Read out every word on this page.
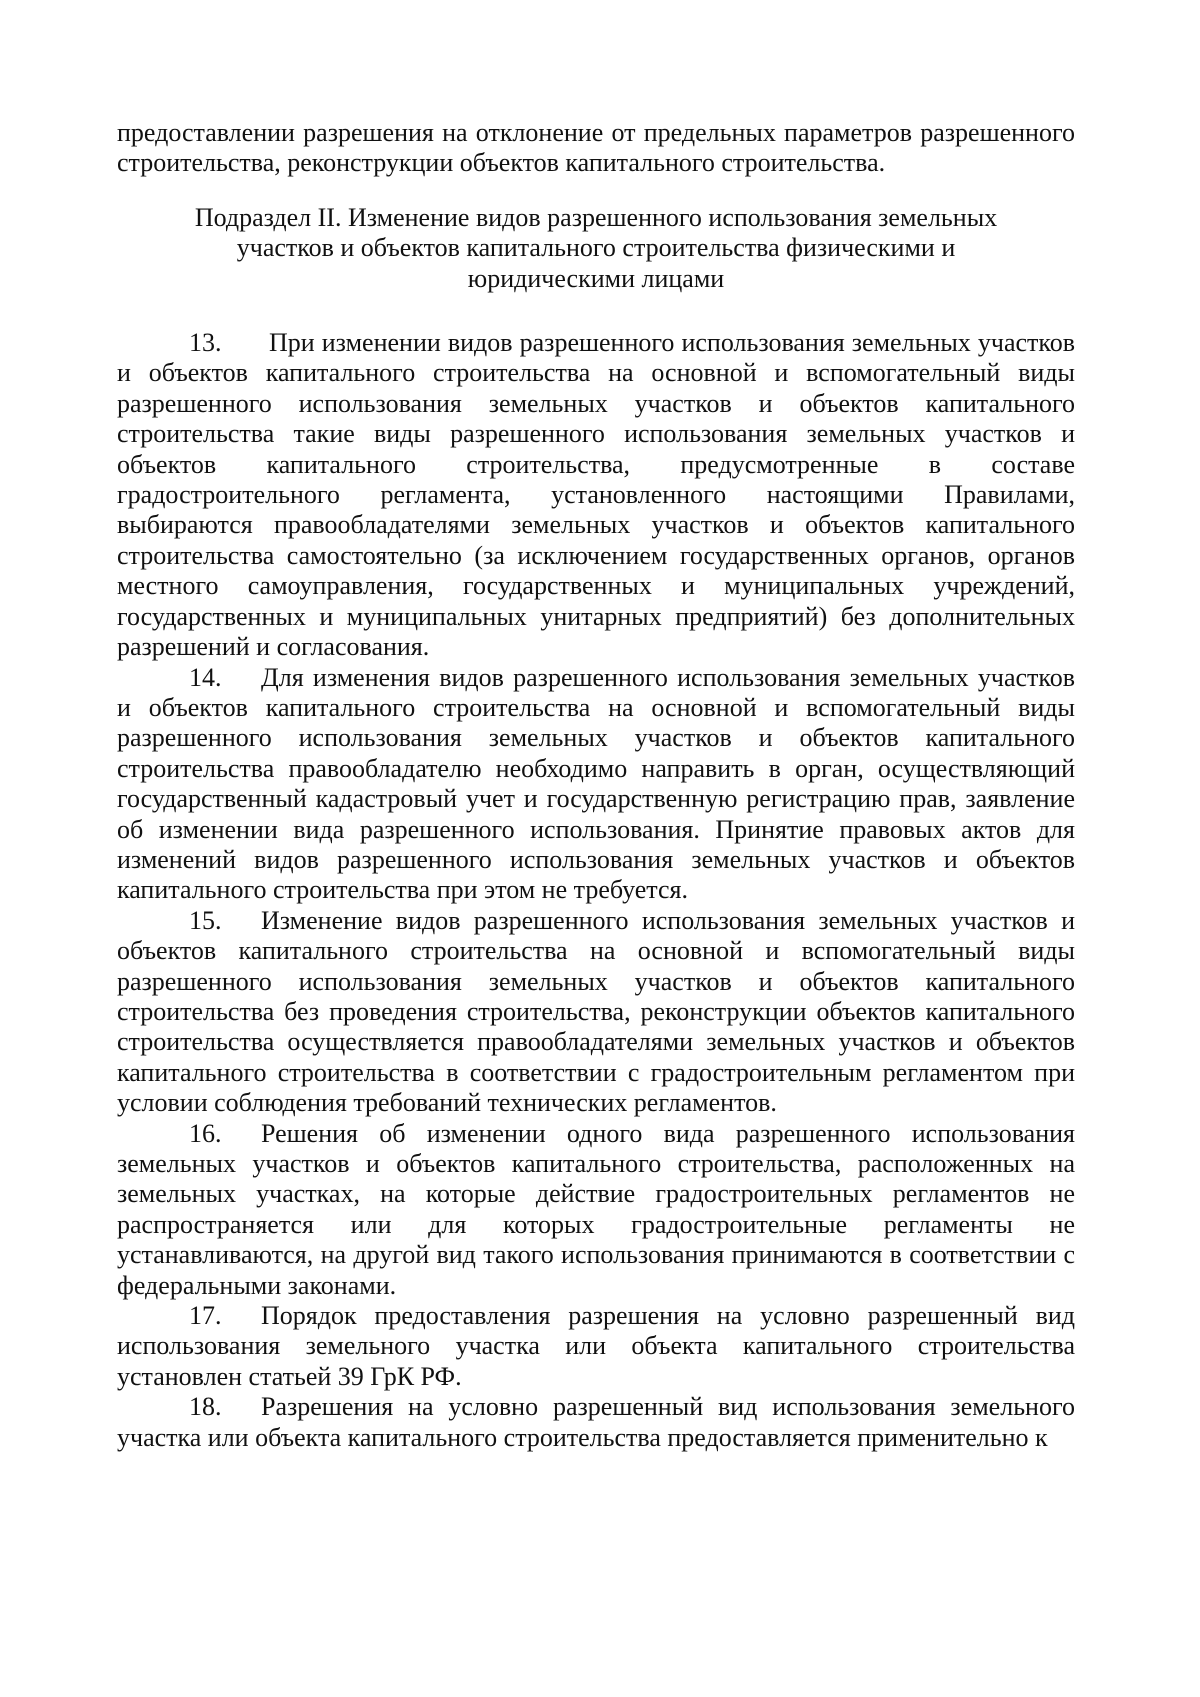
предоставлении разрешения на отклонение от предельных параметров разрешенного строительства, реконструкции объектов капитального строительства.

Подраздел II. Изменение видов разрешенного использования земельных участков и объектов капитального строительства физическими и юридическими лицами

13. При изменении видов разрешенного использования земельных участков и объектов капитального строительства на основной и вспомогательный виды разрешенного использования земельных участков и объектов капитального строительства такие виды разрешенного использования земельных участков и объектов капитального строительства, предусмотренные в составе градостроительного регламента, установленного настоящими Правилами, выбираются правообладателями земельных участков и объектов капитального строительства самостоятельно (за исключением государственных органов, органов местного самоуправления, государственных и муниципальных учреждений, государственных и муниципальных унитарных предприятий) без дополнительных разрешений и согласования.

14. Для изменения видов разрешенного использования земельных участков и объектов капитального строительства на основной и вспомогательный виды разрешенного использования земельных участков и объектов капитального строительства правообладателю необходимо направить в орган, осуществляющий государственный кадастровый учет и государственную регистрацию прав, заявление об изменении вида разрешенного использования. Принятие правовых актов для изменений видов разрешенного использования земельных участков и объектов капитального строительства при этом не требуется.

15. Изменение видов разрешенного использования земельных участков и объектов капитального строительства на основной и вспомогательный виды разрешенного использования земельных участков и объектов капитального строительства без проведения строительства, реконструкции объектов капитального строительства осуществляется правообладателями земельных участков и объектов капитального строительства в соответствии с градостроительным регламентом при условии соблюдения требований технических регламентов.

16. Решения об изменении одного вида разрешенного использования земельных участков и объектов капитального строительства, расположенных на земельных участках, на которые действие градостроительных регламентов не распространяется или для которых градостроительные регламенты не устанавливаются, на другой вид такого использования принимаются в соответствии с федеральными законами.

17. Порядок предоставления разрешения на условно разрешенный вид использования земельного участка или объекта капитального строительства установлен статьей 39 ГрК РФ.

18. Разрешения на условно разрешенный вид использования земельного участка или объекта капитального строительства предоставляется применительно к
